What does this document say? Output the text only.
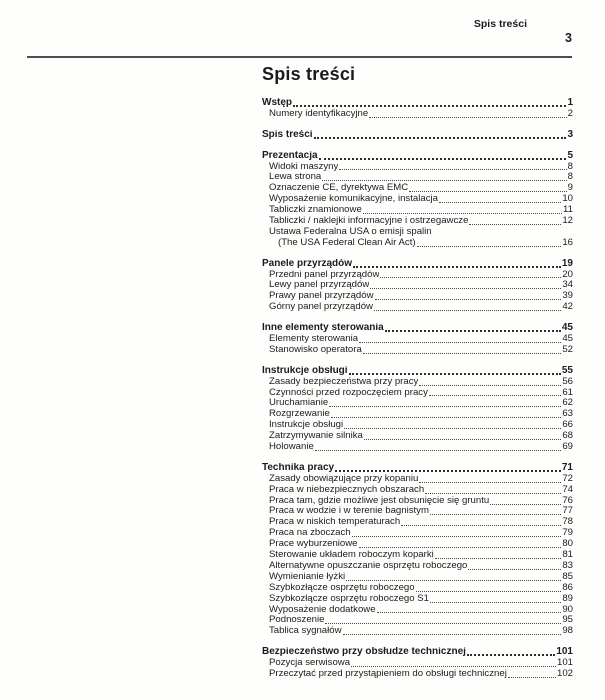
Spis treści
3
Spis treści
Wstęp	1
Numery identyfikacyjne	2
Spis treści	3
Prezentacja	5
Widoki maszyny	8
Lewa strona	8
Oznaczenie CE, dyrektywa EMC	9
Wyposażenie komunikacyjne, instalacja	10
Tabliczki znamionowe	11
Tabliczki / naklejki informacyjne i ostrzegawcze	12
Ustawa Federalna USA o emisji spalin
(The USA Federal Clean Air Act)	16
Panele przyrządów	19
Przedni panel przyrządów	20
Lewy panel przyrządów	34
Prawy panel przyrządów	39
Górny panel przyrządów	42
Inne elementy sterowania	45
Elementy sterowania	45
Stanowisko operatora	52
Instrukcje obsługi	55
Zasady bezpieczeństwa przy pracy	56
Czynności przed rozpoczęciem pracy	61
Uruchamianie	62
Rozgrzewanie	63
Instrukcje obsługi	66
Zatrzymywanie silnika	68
Holowanie	69
Technika pracy	71
Zasady obowiązujące przy kopaniu	72
Praca w niebezpiecznych obszarach	74
Praca tam, gdzie możliwe jest obsunięcie się gruntu	76
Praca w wodzie i w terenie bagnistym	77
Praca w niskich temperaturach	78
Praca na zboczach	79
Prace wyburzeniowe	80
Sterowanie układem roboczym koparki	81
Alternatywne opuszczanie osprzętu roboczego	83
Wymienianie łyżki	85
Szybkozłącze osprzętu roboczego	86
Szybkozłącze osprzętu roboczego S1	89
Wyposażenie dodatkowe	90
Podnoszenie	95
Tablica sygnałów	98
Bezpieczeństwo przy obsłudze technicznej	101
Pozycja serwisowa	101
Przeczytać przed przystąpieniem do obsługi technicznej	102
